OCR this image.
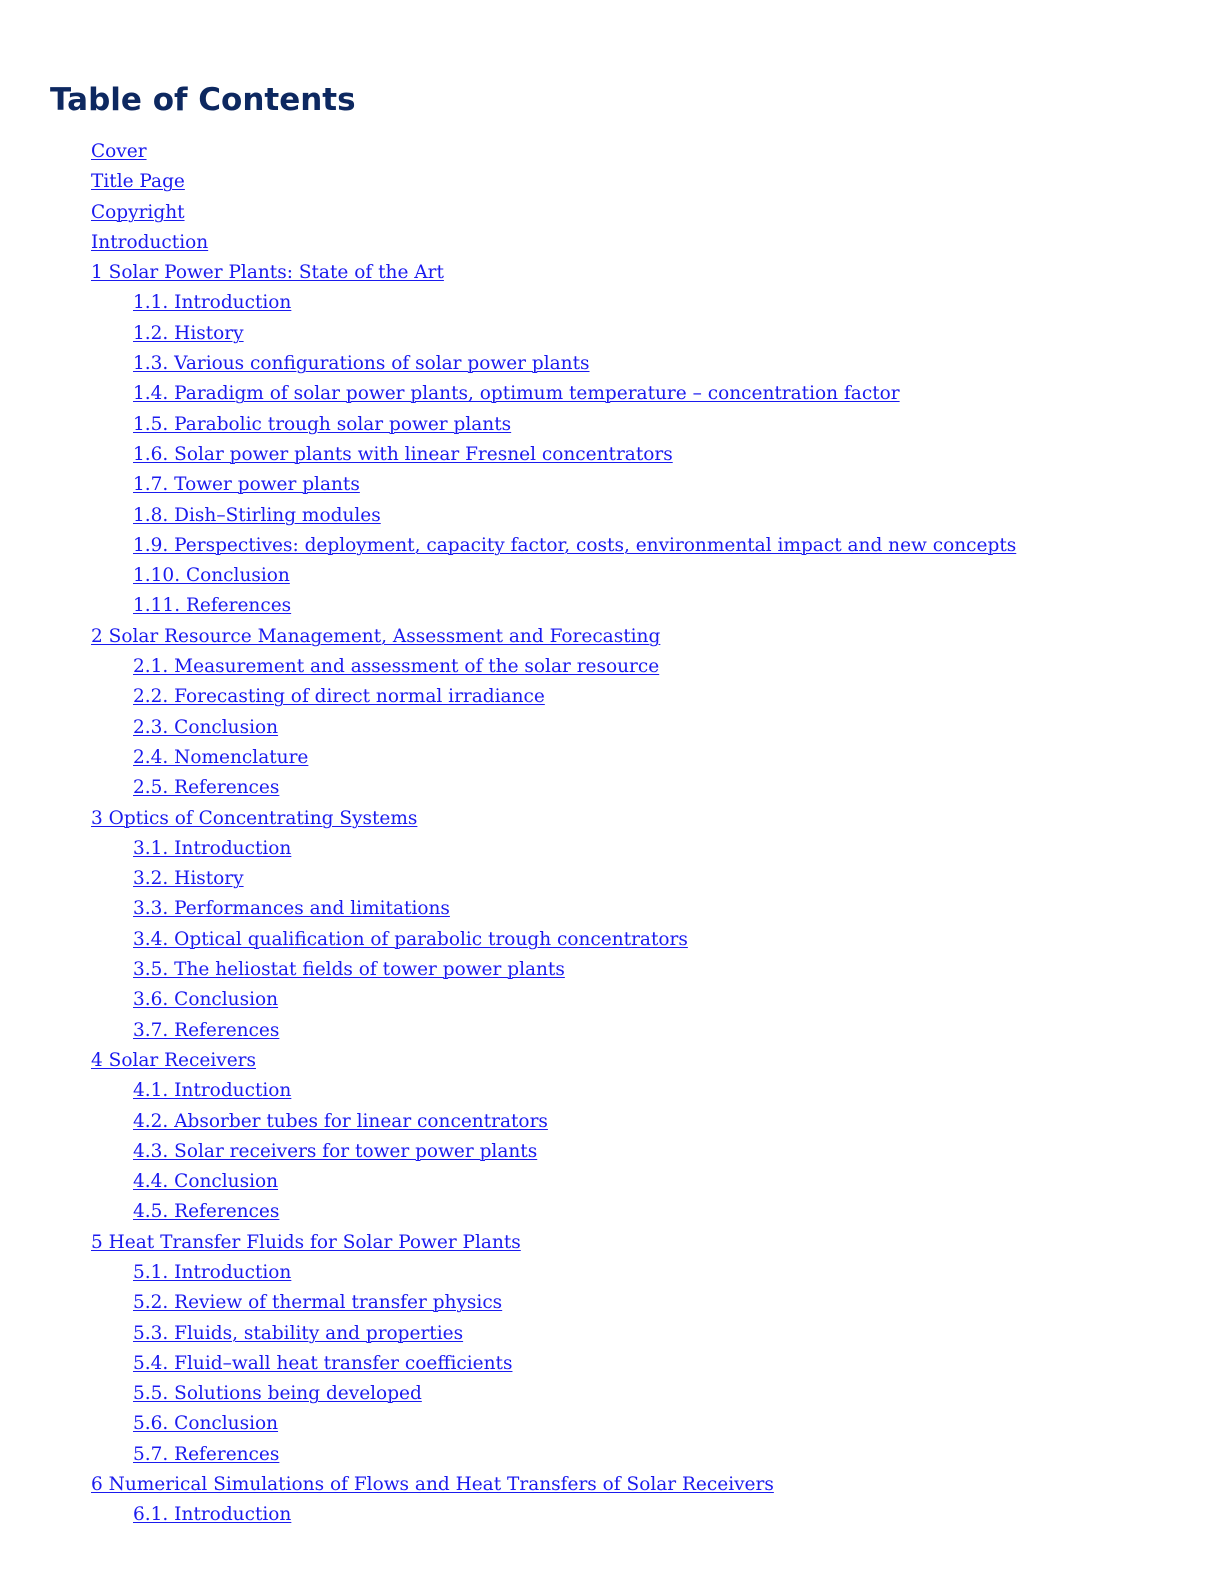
Table of Contents
Cover
Title Page
Copyright
Introduction
1 Solar Power Plants: State of the Art
1.1. Introduction
1.2. History
1.3. Various configurations of solar power plants
1.4. Paradigm of solar power plants, optimum temperature – concentration factor
1.5. Parabolic trough solar power plants
1.6. Solar power plants with linear Fresnel concentrators
1.7. Tower power plants
1.8. Dish–Stirling modules
1.9. Perspectives: deployment, capacity factor, costs, environmental impact and new concepts
1.10. Conclusion
1.11. References
2 Solar Resource Management, Assessment and Forecasting
2.1. Measurement and assessment of the solar resource
2.2. Forecasting of direct normal irradiance
2.3. Conclusion
2.4. Nomenclature
2.5. References
3 Optics of Concentrating Systems
3.1. Introduction
3.2. History
3.3. Performances and limitations
3.4. Optical qualification of parabolic trough concentrators
3.5. The heliostat fields of tower power plants
3.6. Conclusion
3.7. References
4 Solar Receivers
4.1. Introduction
4.2. Absorber tubes for linear concentrators
4.3. Solar receivers for tower power plants
4.4. Conclusion
4.5. References
5 Heat Transfer Fluids for Solar Power Plants
5.1. Introduction
5.2. Review of thermal transfer physics
5.3. Fluids, stability and properties
5.4. Fluid–wall heat transfer coefficients
5.5. Solutions being developed
5.6. Conclusion
5.7. References
6 Numerical Simulations of Flows and Heat Transfers of Solar Receivers
6.1. Introduction
